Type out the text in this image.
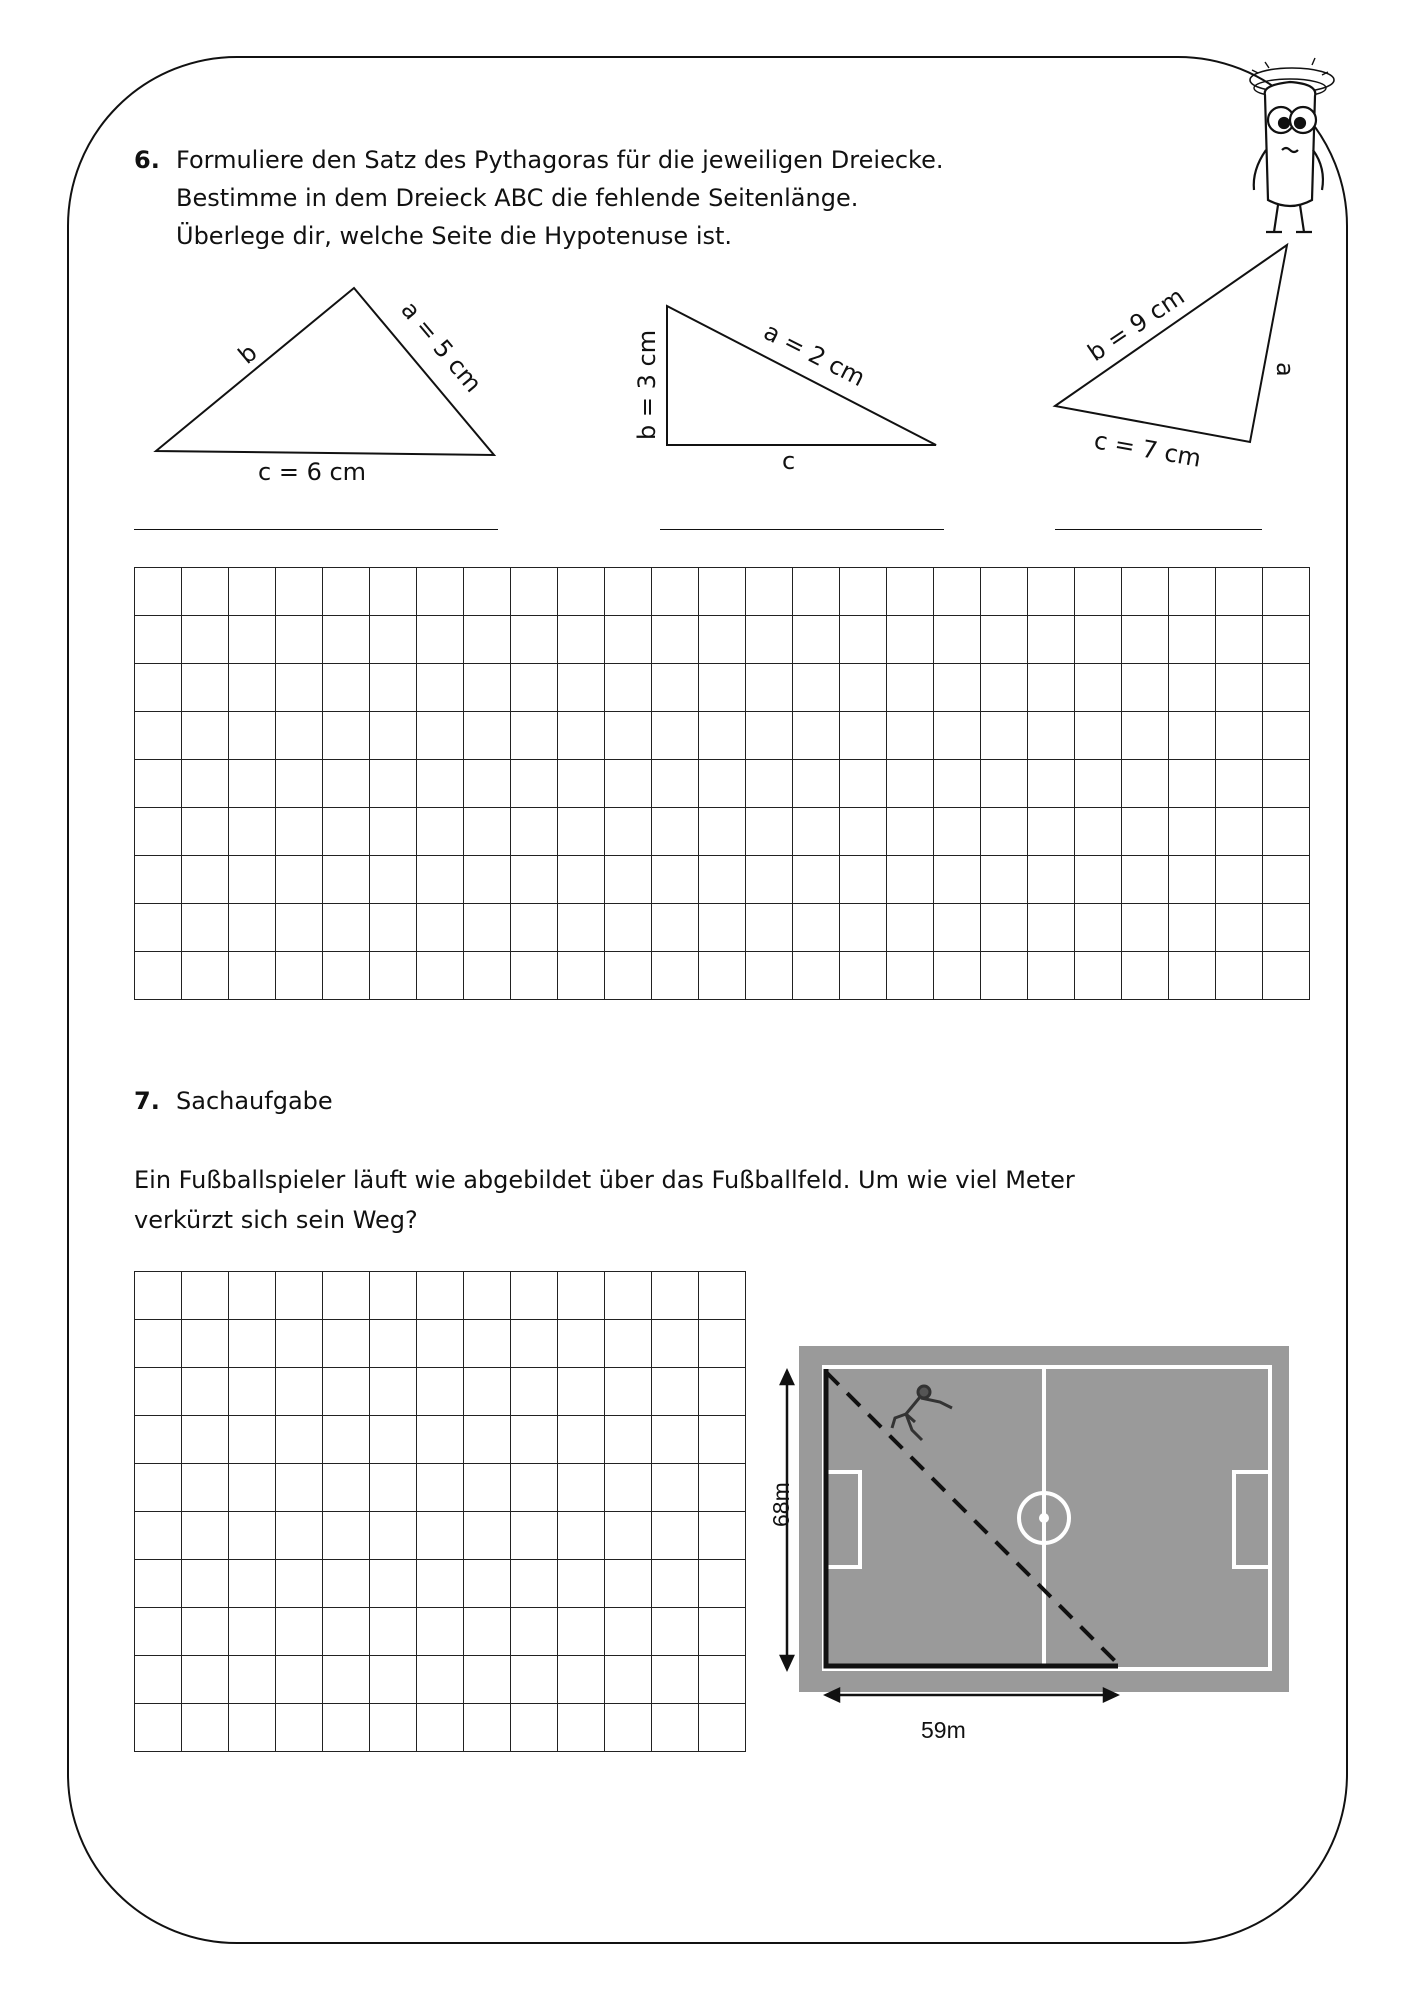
6. Formuliere den Satz des Pythagoras für die jeweiligen Dreiecke.
Bestimme in dem Dreieck ABC die fehlende Seitenlänge.
Überlege dir, welche Seite die Hypotenuse ist.
b	a = 5 cm
c = 6 cm
b = 3 cm	a = 2 cm
c
b = 9 cm
a
c = 7 cm

7. Sachaufgabe
Ein Fußballspieler läuft wie abgebildet über das Fußballfeld. Um wie viel Meter
verkürzt sich sein Weg?

68m
59m
